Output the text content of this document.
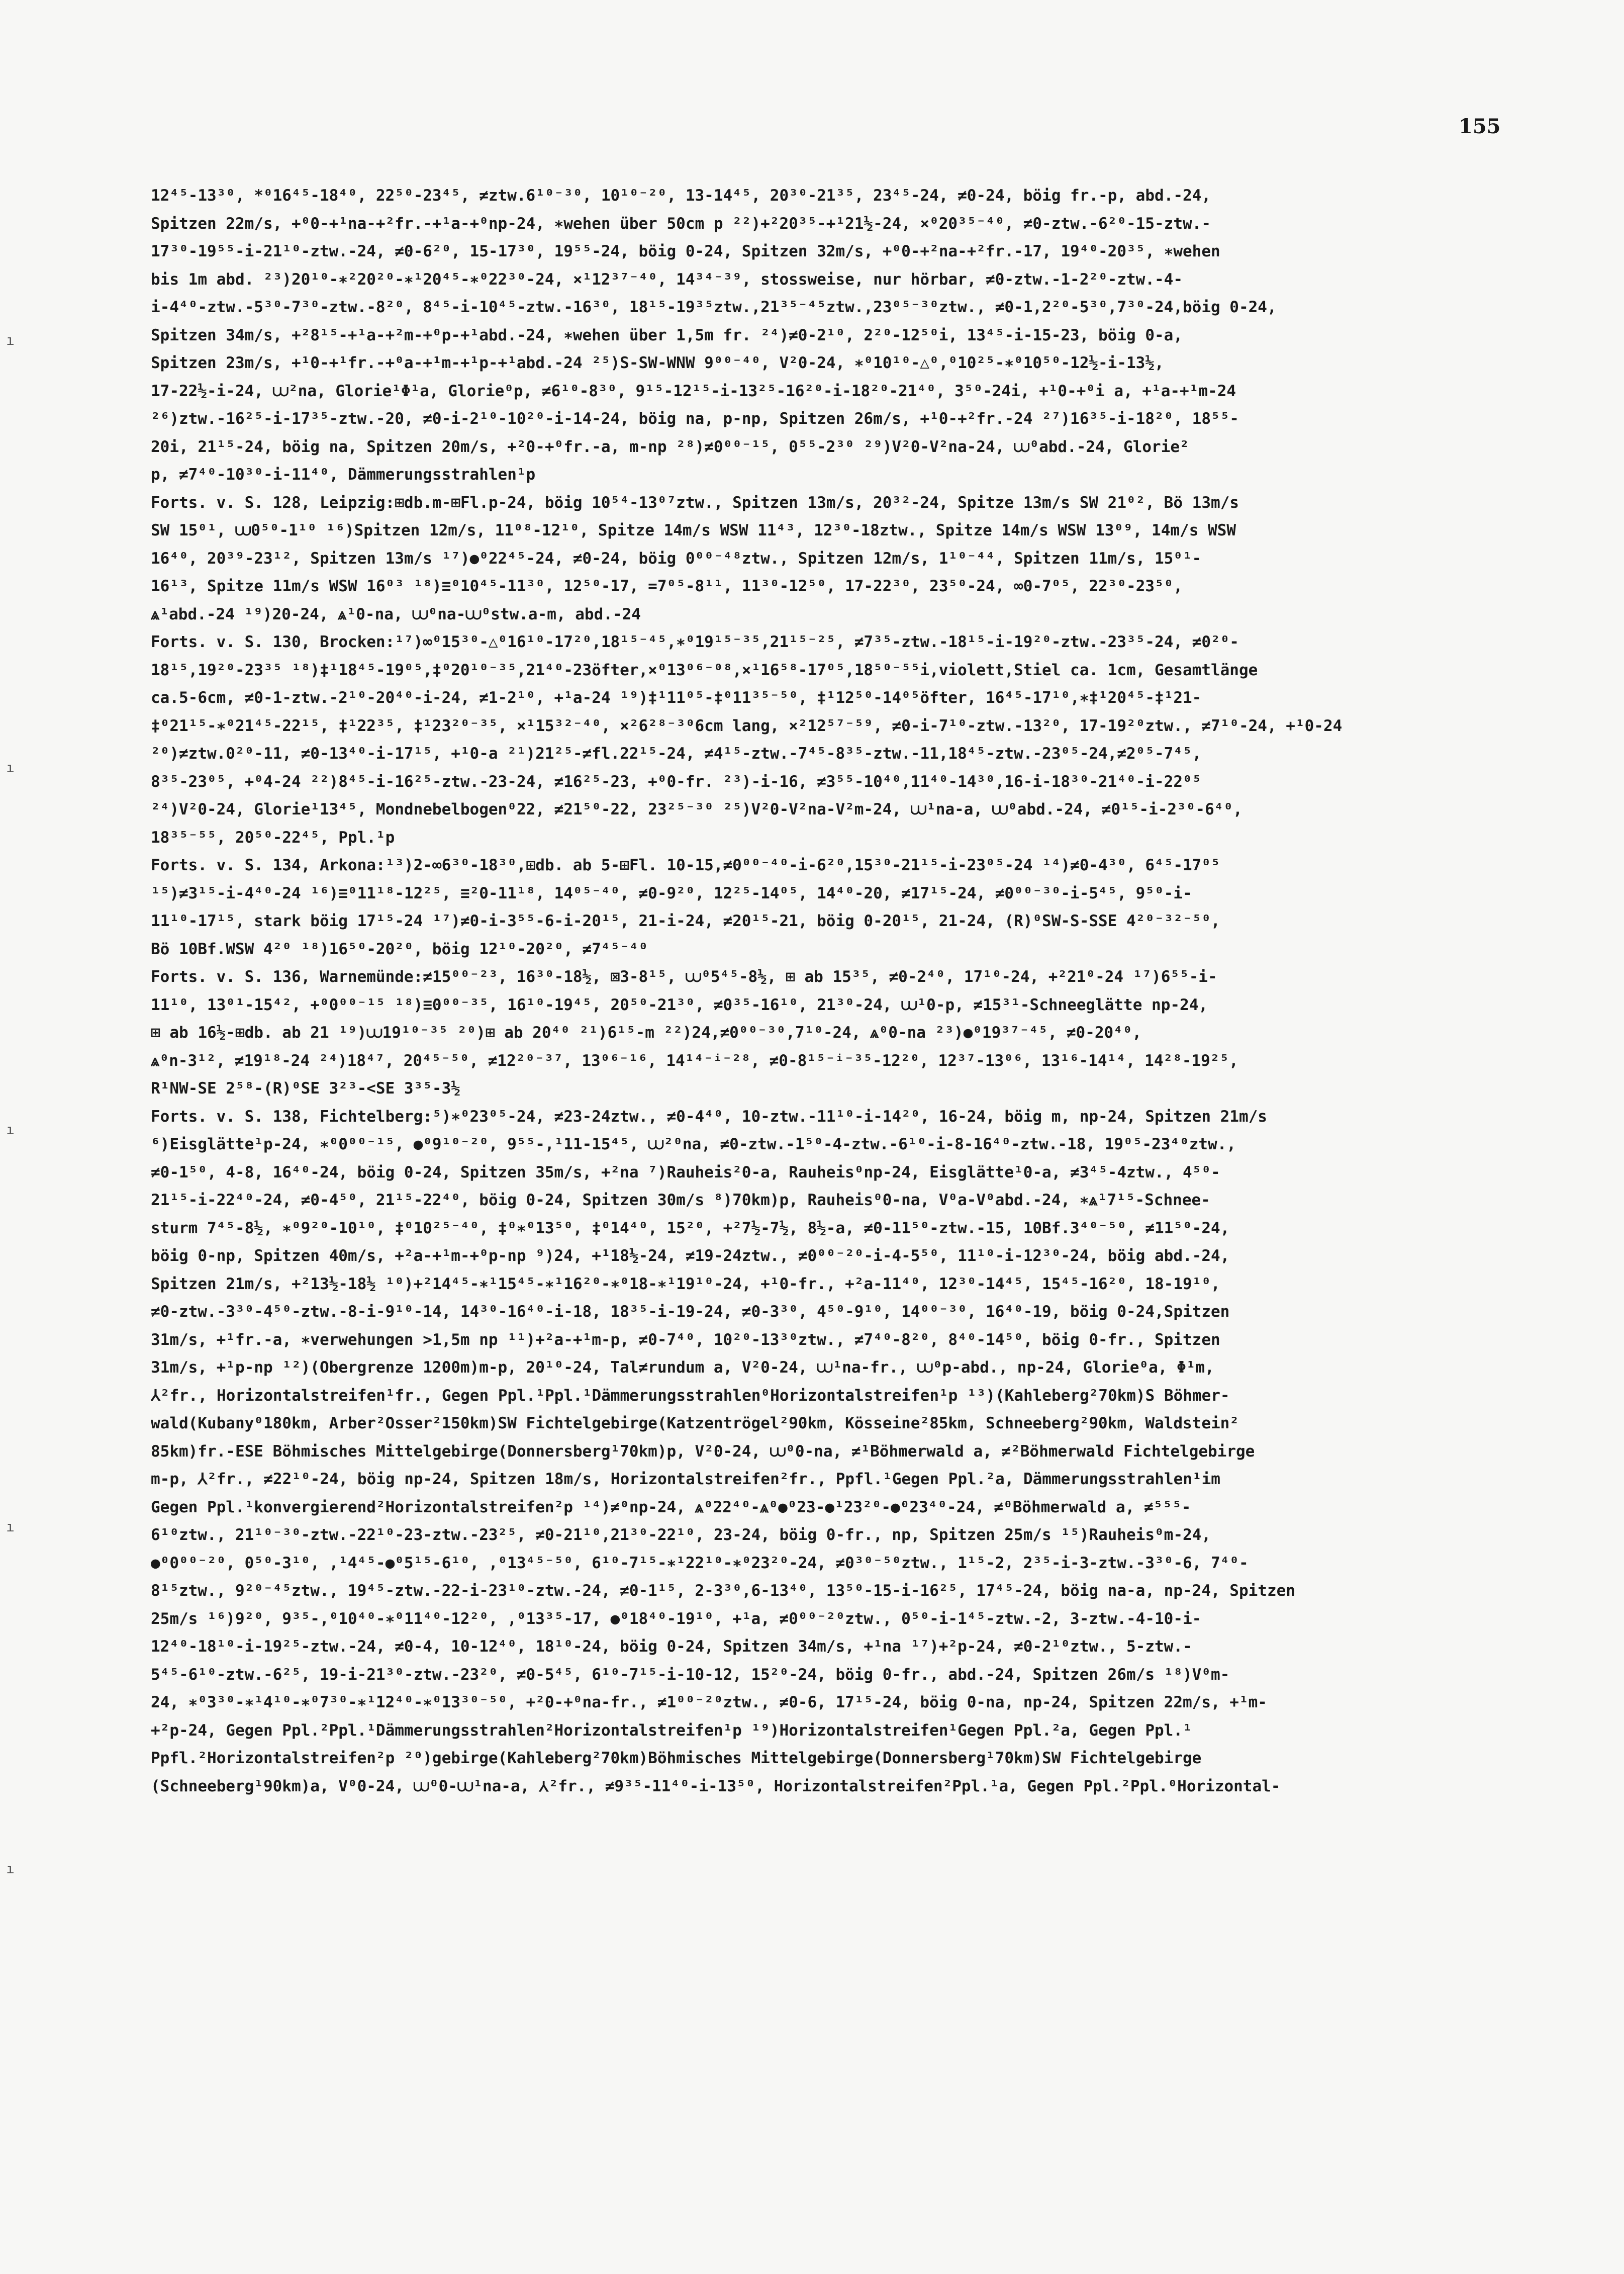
155
ı
ı
ı
ı
ı
12⁴⁵-13³⁰, *⁰16⁴⁵-18⁴⁰, 22⁵⁰-23⁴⁵, ≠ztw.6¹⁰⁻³⁰, 10¹⁰⁻²⁰, 13-14⁴⁵, 20³⁰-21³⁵, 23⁴⁵-24, ≠0-24, böig fr.-p, abd.-24,
Spitzen 22m/s, +⁰0-+¹na-+²fr.-+¹a-+⁰np-24, ∗wehen über 50cm p ²²)+²20³⁵-+¹21½-24, ⨯⁰20³⁵⁻⁴⁰, ≠0-ztw.-6²⁰-15-ztw.-
17³⁰-19⁵⁵-i-21¹⁰-ztw.-24, ≠0-6²⁰, 15-17³⁰, 19⁵⁵-24, böig 0-24, Spitzen 32m/s, +⁰0-+²na-+²fr.-17, 19⁴⁰-20³⁵, ∗wehen
bis 1m abd. ²³)20¹⁰-∗²20²⁰-∗¹20⁴⁵-∗⁰22³⁰-24, ⨯¹12³⁷⁻⁴⁰, 14³⁴⁻³⁹, stossweise, nur hörbar, ≠0-ztw.-1-2²⁰-ztw.-4-
i-4⁴⁰-ztw.-5³⁰-7³⁰-ztw.-8²⁰, 8⁴⁵-i-10⁴⁵-ztw.-16³⁰, 18¹⁵-19³⁵ztw.,21³⁵⁻⁴⁵ztw.,23⁰⁵⁻³⁰ztw., ≠0-1,2²⁰-5³⁰,7³⁰-24,böig 0-24,
Spitzen 34m/s, +²8¹⁵-+¹a-+²m-+⁰p-+¹abd.-24, ∗wehen über 1,5m fr. ²⁴)≠0-2¹⁰, 2²⁰-12⁵⁰i, 13⁴⁵-i-15-23, böig 0-a,
Spitzen 23m/s, +¹0-+¹fr.-+⁰a-+¹m-+¹p-+¹abd.-24 ²⁵)S-SW-WNW 9⁰⁰⁻⁴⁰, V²0-24, ∗⁰10¹⁰-△⁰,⁰10²⁵-∗⁰10⁵⁰-12½-i-13½,
17-22½-i-24, ⩊²na, Glorie¹Φ¹a, Glorie⁰p, ≠6¹⁰-8³⁰, 9¹⁵-12¹⁵-i-13²⁵-16²⁰-i-18²⁰-21⁴⁰, 3⁵⁰-24i, +¹0-+⁰i a, +¹a-+¹m-24
²⁶)ztw.-16²⁵-i-17³⁵-ztw.-20, ≠0-i-2¹⁰-10²⁰-i-14-24, böig na, p-np, Spitzen 26m/s, +¹0-+²fr.-24 ²⁷)16³⁵-i-18²⁰, 18⁵⁵-
20i, 21¹⁵-24, böig na, Spitzen 20m/s, +²0-+⁰fr.-a, m-np ²⁸)≠0⁰⁰⁻¹⁵, 0⁵⁵-2³⁰ ²⁹)V²0-V²na-24, ⩊⁰abd.-24, Glorie²
p, ≠7⁴⁰-10³⁰-i-11⁴⁰, Dämmerungsstrahlen¹p
Forts. v. S. 128, Leipzig:⊞db.m-⊞Fl.p-24, böig 10⁵⁴-13⁰⁷ztw., Spitzen 13m/s, 20³²-24, Spitze 13m/s SW 21⁰², Bö 13m/s
SW 15⁰¹, ⩊0⁵⁰-1¹⁰ ¹⁶)Spitzen 12m/s, 11⁰⁸-12¹⁰, Spitze 14m/s WSW 11⁴³, 12³⁰-18ztw., Spitze 14m/s WSW 13⁰⁹, 14m/s WSW
16⁴⁰, 20³⁹-23¹², Spitzen 13m/s ¹⁷)●⁰22⁴⁵-24, ≠0-24, böig 0⁰⁰⁻⁴⁸ztw., Spitzen 12m/s, 1¹⁰⁻⁴⁴, Spitzen 11m/s, 15⁰¹-
16¹³, Spitze 11m/s WSW 16⁰³ ¹⁸)≡⁰10⁴⁵-11³⁰, 12⁵⁰-17, =7⁰⁵-8¹¹, 11³⁰-12⁵⁰, 17-22³⁰, 23⁵⁰-24, ∞0-7⁰⁵, 22³⁰-23⁵⁰,
⩓¹abd.-24 ¹⁹)20-24, ⩓¹0-na, ⩊⁰na-⩊⁰stw.a-m, abd.-24
Forts. v. S. 130, Brocken:¹⁷)∞⁰15³⁰-△⁰16¹⁰-17²⁰,18¹⁵⁻⁴⁵,∗⁰19¹⁵⁻³⁵,21¹⁵⁻²⁵, ≠7³⁵-ztw.-18¹⁵-i-19²⁰-ztw.-23³⁵-24, ≠0²⁰-
18¹⁵,19²⁰-23³⁵ ¹⁸)‡¹18⁴⁵-19⁰⁵,‡⁰20¹⁰⁻³⁵,21⁴⁰-23öfter,⨯⁰13⁰⁶⁻⁰⁸,⨯¹16⁵⁸-17⁰⁵,18⁵⁰⁻⁵⁵i,violett,Stiel ca. 1cm, Gesamtlänge
ca.5-6cm, ≠0-1-ztw.-2¹⁰-20⁴⁰-i-24, ≠1-2¹⁰, +¹a-24 ¹⁹)‡¹11⁰⁵-‡⁰11³⁵⁻⁵⁰, ‡¹12⁵⁰-14⁰⁵öfter, 16⁴⁵-17¹⁰,∗‡¹20⁴⁵-‡¹21-
‡⁰21¹⁵-∗⁰21⁴⁵-22¹⁵, ‡¹22³⁵, ‡¹23²⁰⁻³⁵, ⨯¹15³²⁻⁴⁰, ⨯²6²⁸⁻³⁰6cm lang, ⨯²12⁵⁷⁻⁵⁹, ≠0-i-7¹⁰-ztw.-13²⁰, 17-19²⁰ztw., ≠7¹⁰-24, +¹0-24
²⁰)≠ztw.0²⁰-11, ≠0-13⁴⁰-i-17¹⁵, +¹0-a ²¹)21²⁵-≠fl.22¹⁵-24, ≠4¹⁵-ztw.-7⁴⁵-8³⁵-ztw.-11,18⁴⁵-ztw.-23⁰⁵-24,≠2⁰⁵-7⁴⁵,
8³⁵-23⁰⁵, +⁰4-24 ²²)8⁴⁵-i-16²⁵-ztw.-23-24, ≠16²⁵-23, +⁰0-fr. ²³)-i-16, ≠3⁵⁵-10⁴⁰,11⁴⁰-14³⁰,16-i-18³⁰-21⁴⁰-i-22⁰⁵
²⁴)V²0-24, Glorie¹13⁴⁵, Mondnebelbogen⁰22, ≠21⁵⁰-22, 23²⁵⁻³⁰ ²⁵)V²0-V²na-V²m-24, ⩊¹na-a, ⩊⁰abd.-24, ≠0¹⁵-i-2³⁰-6⁴⁰,
18³⁵⁻⁵⁵, 20⁵⁰-22⁴⁵, Ppl.¹p
Forts. v. S. 134, Arkona:¹³)2-∞6³⁰-18³⁰,⊞db. ab 5-⊞Fl. 10-15,≠0⁰⁰⁻⁴⁰-i-6²⁰,15³⁰-21¹⁵-i-23⁰⁵-24 ¹⁴)≠0-4³⁰, 6⁴⁵-17⁰⁵
¹⁵)≠3¹⁵-i-4⁴⁰-24 ¹⁶)≡⁰11¹⁸-12²⁵, ≡²0-11¹⁸, 14⁰⁵⁻⁴⁰, ≠0-9²⁰, 12²⁵-14⁰⁵, 14⁴⁰-20, ≠17¹⁵-24, ≠0⁰⁰⁻³⁰-i-5⁴⁵, 9⁵⁰-i-
11¹⁰-17¹⁵, stark böig 17¹⁵-24 ¹⁷)≠0-i-3⁵⁵-6-i-20¹⁵, 21-i-24, ≠20¹⁵-21, böig 0-20¹⁵, 21-24, (R)⁰SW-S-SSE 4²⁰⁻³²⁻⁵⁰,
Bö 10Bf.WSW 4²⁰ ¹⁸)16⁵⁰-20²⁰, böig 12¹⁰-20²⁰, ≠7⁴⁵⁻⁴⁰
Forts. v. S. 136, Warnemünde:≠15⁰⁰⁻²³, 16³⁰-18½, ⊠3-8¹⁵, ⩊⁰5⁴⁵-8½, ⊞ ab 15³⁵, ≠0-2⁴⁰, 17¹⁰-24, +²21⁰-24 ¹⁷)6⁵⁵-i-
11¹⁰, 13⁰¹-15⁴², +⁰0⁰⁰⁻¹⁵ ¹⁸)≡0⁰⁰⁻³⁵, 16¹⁰-19⁴⁵, 20⁵⁰-21³⁰, ≠0³⁵-16¹⁰, 21³⁰-24, ⩊¹0-p, ≠15³¹-Schneeglätte np-24,
⊞ ab 16½-⊞db. ab 21 ¹⁹)⩊19¹⁰⁻³⁵ ²⁰)⊞ ab 20⁴⁰ ²¹)6¹⁵-m ²²)24,≠0⁰⁰⁻³⁰,7¹⁰-24, ⩓⁰0-na ²³)●⁰19³⁷⁻⁴⁵, ≠0-20⁴⁰,
⩓⁰n-3¹², ≠19¹⁸-24 ²⁴)18⁴⁷, 20⁴⁵⁻⁵⁰, ≠12²⁰⁻³⁷, 13⁰⁶⁻¹⁶, 14¹⁴⁻ⁱ⁻²⁸, ≠0-8¹⁵⁻ⁱ⁻³⁵-12²⁰, 12³⁷-13⁰⁶, 13¹⁶-14¹⁴, 14²⁸-19²⁵,
R¹NW-SE 2⁵⁸-(R)⁰SE 3²³-<SE 3³⁵-3½
Forts. v. S. 138, Fichtelberg:⁵)∗⁰23⁰⁵-24, ≠23-24ztw., ≠0-4⁴⁰, 10-ztw.-11¹⁰-i-14²⁰, 16-24, böig m, np-24, Spitzen 21m/s
⁶)Eisglätte¹p-24, ∗⁰0⁰⁰⁻¹⁵, ●⁰9¹⁰⁻²⁰, 9⁵⁵-,¹11-15⁴⁵, ⩊²⁰na, ≠0-ztw.-1⁵⁰-4-ztw.-6¹⁰-i-8-16⁴⁰-ztw.-18, 19⁰⁵-23⁴⁰ztw.,
≠0-1⁵⁰, 4-8, 16⁴⁰-24, böig 0-24, Spitzen 35m/s, +²na ⁷)Rauheis²0-a, Rauheis⁰np-24, Eisglätte¹0-a, ≠3⁴⁵-4ztw., 4⁵⁰-
21¹⁵-i-22⁴⁰-24, ≠0-4⁵⁰, 21¹⁵-22⁴⁰, böig 0-24, Spitzen 30m/s ⁸)70km)p, Rauheis⁰0-na, V⁰a-V⁰abd.-24, ∗⩓¹7¹⁵-Schnee-
sturm 7⁴⁵-8½, ∗⁰9²⁰-10¹⁰, ‡⁰10²⁵⁻⁴⁰, ‡⁰∗⁰13⁵⁰, ‡⁰14⁴⁰, 15²⁰, +²7½-7½, 8½-a, ≠0-11⁵⁰-ztw.-15, 10Bf.3⁴⁰⁻⁵⁰, ≠11⁵⁰-24,
böig 0-np, Spitzen 40m/s, +²a-+¹m-+⁰p-np ⁹)24, +¹18½-24, ≠19-24ztw., ≠0⁰⁰⁻²⁰-i-4-5⁵⁰, 11¹⁰-i-12³⁰-24, böig abd.-24,
Spitzen 21m/s, +²13½-18½ ¹⁰)+²14⁴⁵-∗¹15⁴⁵-∗¹16²⁰-∗⁰18-∗¹19¹⁰-24, +¹0-fr., +²a-11⁴⁰, 12³⁰-14⁴⁵, 15⁴⁵-16²⁰, 18-19¹⁰,
≠0-ztw.-3³⁰-4⁵⁰-ztw.-8-i-9¹⁰-14, 14³⁰-16⁴⁰-i-18, 18³⁵-i-19-24, ≠0-3³⁰, 4⁵⁰-9¹⁰, 14⁰⁰⁻³⁰, 16⁴⁰-19, böig 0-24,Spitzen
31m/s, +¹fr.-a, ∗verwehungen >1,5m np ¹¹)+²a-+¹m-p, ≠0-7⁴⁰, 10²⁰-13³⁰ztw., ≠7⁴⁰-8²⁰, 8⁴⁰-14⁵⁰, böig 0-fr., Spitzen
31m/s, +¹p-np ¹²)(Obergrenze 1200m)m-p, 20¹⁰-24, Tal≠rundum a, V²0-24, ⩊¹na-fr., ⩊⁰p-abd., np-24, Glorie⁰a, Φ¹m,
⅄²fr., Horizontalstreifen¹fr., Gegen Ppl.¹Ppl.¹Dämmerungsstrahlen⁰Horizontalstreifen¹p ¹³)(Kahleberg²70km)S Böhmer-
wald(Kubany⁰180km, Arber²Osser²150km)SW Fichtelgebirge(Katzentrögel²90km, Kösseine²85km, Schneeberg²90km, Waldstein²
85km)fr.-ESE Böhmisches Mittelgebirge(Donnersberg¹70km)p, V²0-24, ⩊⁰0-na, ≠¹Böhmerwald a, ≠²Böhmerwald Fichtelgebirge
m-p, ⅄²fr., ≠22¹⁰-24, böig np-24, Spitzen 18m/s, Horizontalstreifen²fr., Ppfl.¹Gegen Ppl.²a, Dämmerungsstrahlen¹im
Gegen Ppl.¹konvergierend²Horizontalstreifen²p ¹⁴)≠⁰np-24, ⩓⁰22⁴⁰-⩓⁰●⁰23-●¹23²⁰-●⁰23⁴⁰-24, ≠⁰Böhmerwald a, ≠⁵⁵⁵-
6¹⁰ztw., 21¹⁰⁻³⁰-ztw.-22¹⁰-23-ztw.-23²⁵, ≠0-21¹⁰,21³⁰-22¹⁰, 23-24, böig 0-fr., np, Spitzen 25m/s ¹⁵)Rauheis⁰m-24,
●⁰0⁰⁰⁻²⁰, 0⁵⁰-3¹⁰, ,¹4⁴⁵-●⁰5¹⁵-6¹⁰, ,⁰13⁴⁵⁻⁵⁰, 6¹⁰-7¹⁵-∗¹22¹⁰-∗⁰23²⁰-24, ≠0³⁰⁻⁵⁰ztw., 1¹⁵-2, 2³⁵-i-3-ztw.-3³⁰-6, 7⁴⁰-
8¹⁵ztw., 9²⁰⁻⁴⁵ztw., 19⁴⁵-ztw.-22-i-23¹⁰-ztw.-24, ≠0-1¹⁵, 2-3³⁰,6-13⁴⁰, 13⁵⁰-15-i-16²⁵, 17⁴⁵-24, böig na-a, np-24, Spitzen
25m/s ¹⁶)9²⁰, 9³⁵-,⁰10⁴⁰-∗⁰11⁴⁰-12²⁰, ,⁰13³⁵-17, ●⁰18⁴⁰-19¹⁰, +¹a, ≠0⁰⁰⁻²⁰ztw., 0⁵⁰-i-1⁴⁵-ztw.-2, 3-ztw.-4-10-i-
12⁴⁰-18¹⁰-i-19²⁵-ztw.-24, ≠0-4, 10-12⁴⁰, 18¹⁰-24, böig 0-24, Spitzen 34m/s, +¹na ¹⁷)+²p-24, ≠0-2¹⁰ztw., 5-ztw.-
5⁴⁵-6¹⁰-ztw.-6²⁵, 19-i-21³⁰-ztw.-23²⁰, ≠0-5⁴⁵, 6¹⁰-7¹⁵-i-10-12, 15²⁰-24, böig 0-fr., abd.-24, Spitzen 26m/s ¹⁸)V⁰m-
24, ∗⁰3³⁰-∗¹4¹⁰-∗⁰7³⁰-∗¹12⁴⁰-∗⁰13³⁰⁻⁵⁰, +²0-+⁰na-fr., ≠1⁰⁰⁻²⁰ztw., ≠0-6, 17¹⁵-24, böig 0-na, np-24, Spitzen 22m/s, +¹m-
+²p-24, Gegen Ppl.²Ppl.¹Dämmerungsstrahlen²Horizontalstreifen¹p ¹⁹)Horizontalstreifen¹Gegen Ppl.²a, Gegen Ppl.¹
Ppfl.²Horizontalstreifen²p ²⁰)gebirge(Kahleberg²70km)Böhmisches Mittelgebirge(Donnersberg¹70km)SW Fichtelgebirge
(Schneeberg¹90km)a, V⁰0-24, ⩊⁰0-⩊¹na-a, ⅄²fr., ≠9³⁵-11⁴⁰-i-13⁵⁰, Horizontalstreifen²Ppl.¹a, Gegen Ppl.²Ppl.⁰Horizontal-
